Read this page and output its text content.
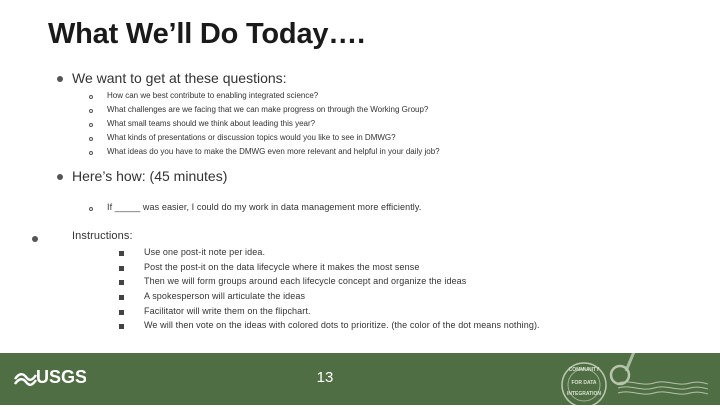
What We’ll Do Today….
We want to get at these questions:
How can we best contribute to enabling integrated science?
What challenges are we facing that we can make progress on through the Working Group?
What small teams should we think about leading this year?
What kinds of presentations or discussion topics would you like to see in DMWG?
What ideas do you have to make the DMWG even more relevant and helpful in your daily job?
Here’s how: (45 minutes)
If _____ was easier, I could do my work in data management more efficiently.
Instructions:
Use one post-it note per idea.
Post the post-it on the data lifecycle where it makes the most sense
Then we will form groups around each lifecycle concept and organize the ideas
A spokesperson will articulate the ideas
Facilitator will write them on the flipchart.
We will then vote on the ideas with colored dots to prioritize. (the color of the dot means nothing).
USGS	13	COMMUNITY
FOR DATA
INTEGRATION
